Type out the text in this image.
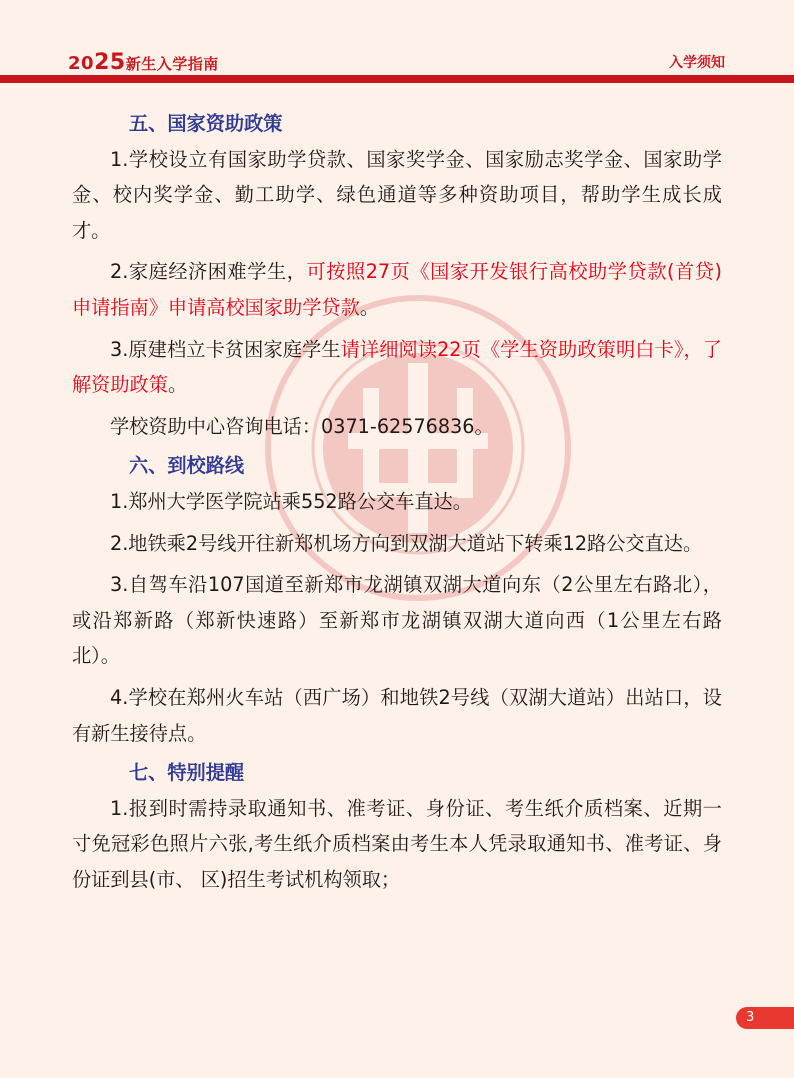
2025新生入学指南	入学须知
五、国家资助政策
1.学校设立有国家助学贷款、国家奖学金、国家励志奖学金、国家助学金、校内奖学金、勤工助学、绿色通道等多种资助项目，帮助学生成长成才。
2.家庭经济困难学生，可按照27页《国家开发银行高校助学贷款(首贷)申请指南》申请高校国家助学贷款。
3.原建档立卡贫困家庭学生请详细阅读22页《学生资助政策明白卡》，了解资助政策。
学校资助中心咨询电话：0371-62576836。
六、到校路线
1.郑州大学医学院站乘552路公交车直达。
2.地铁乘2号线开往新郑机场方向到双湖大道站下转乘12路公交直达。
3.自驾车沿107国道至新郑市龙湖镇双湖大道向东（2公里左右路北），或沿郑新路（郑新快速路）至新郑市龙湖镇双湖大道向西（1公里左右路北）。
4.学校在郑州火车站（西广场）和地铁2号线（双湖大道站）出站口，设有新生接待点。
七、特别提醒
1.报到时需持录取通知书、准考证、身份证、考生纸介质档案、近期一寸免冠彩色照片六张,考生纸介质档案由考生本人凭录取通知书、准考证、身份证到县(市、 区)招生考试机构领取；
3
